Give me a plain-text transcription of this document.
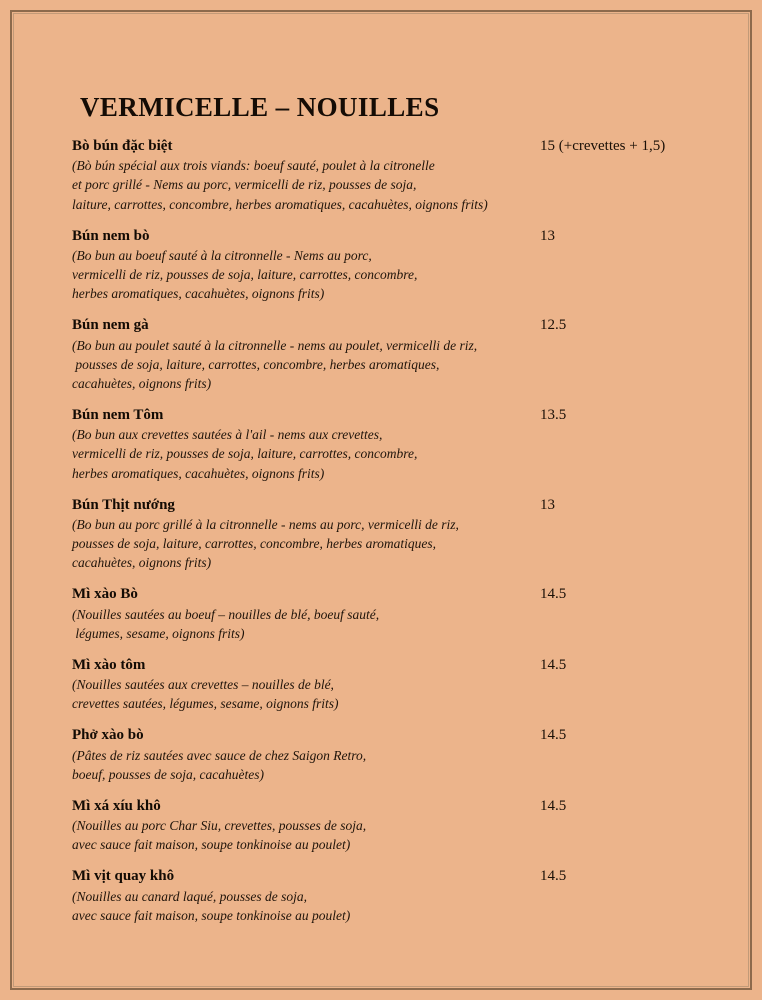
VERMICELLE – NOUILLES
Bò bún đặc biệt	15 (+crevettes + 1,5)
(Bò bún spécial aux trois viands: boeuf sauté, poulet à la citronelle
et porc grillé - Nems au porc, vermicelli de riz, pousses de soja,
laiture, carrottes, concombre, herbes aromatiques, cacahuètes, oignons frits)
Bún nem bò	13
(Bo bun au boeuf sauté à la citronnelle - Nems au porc,
vermicelli de riz, pousses de soja, laiture, carrottes, concombre,
herbes aromatiques, cacahuètes, oignons frits)
Bún nem gà	12.5
(Bo bun au poulet sauté à la citronnelle - nems au poulet, vermicelli de riz,
pousses de soja, laiture, carrottes, concombre, herbes aromatiques,
cacahuètes, oignons frits)
Bún nem Tôm	13.5
(Bo bun aux crevettes sautées à l'ail - nems aux crevettes,
vermicelli de riz, pousses de soja, laiture, carrottes, concombre,
herbes aromatiques, cacahuètes, oignons frits)
Bún Thịt nướng	13
(Bo bun au porc grillé à la citronnelle - nems au porc, vermicelli de riz,
pousses de soja, laiture, carrottes, concombre, herbes aromatiques,
cacahuètes, oignons frits)
Mì xào Bò	14.5
(Nouilles sautées au boeuf – nouilles de blé, boeuf sauté,
légumes, sesame, oignons frits)
Mì xào tôm	14.5
(Nouilles sautées aux crevettes – nouilles de blé,
crevettes sautées, légumes, sesame, oignons frits)
Phở xào bò	14.5
(Pâtes de riz sautées avec sauce de chez Saigon Retro,
boeuf, pousses de soja, cacahuètes)
Mì xá xíu khô	14.5
(Nouilles au porc Char Siu, crevettes, pousses de soja,
avec sauce fait maison, soupe tonkinoise au poulet)
Mì vịt quay khô	14.5
(Nouilles au canard laqué, pousses de soja,
avec sauce fait maison, soupe tonkinoise au poulet)
